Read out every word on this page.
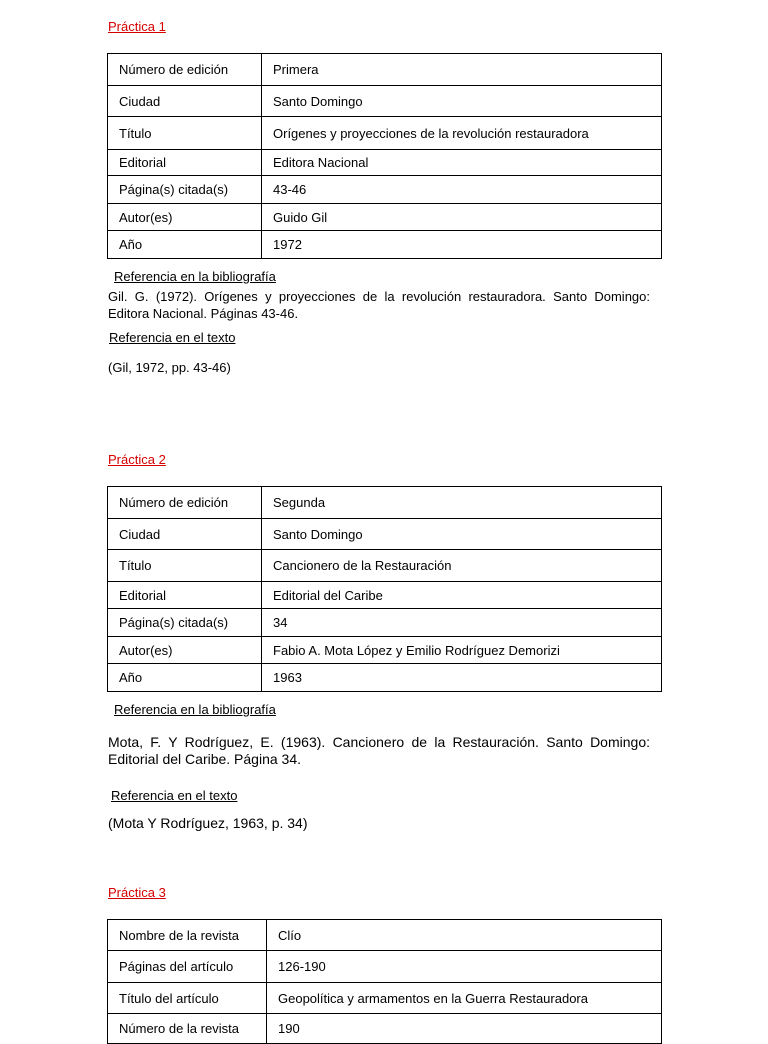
Práctica 1
Número de edición	Primera
Ciudad	Santo Domingo
Título	Orígenes y proyecciones de la revolución restauradora
Editorial	Editora Nacional
Página(s) citada(s)	43-46
Autor(es)	Guido Gil
Año	1972
Referencia en la bibliografía
Gil. G. (1972). Orígenes y proyecciones de la revolución restauradora. Santo Domingo: Editora Nacional. Páginas 43-46.
Referencia en el texto
(Gil, 1972, pp. 43-46)
Práctica 2
Número de edición	Segunda
Ciudad	Santo Domingo
Título	Cancionero de la Restauración
Editorial	Editorial del Caribe
Página(s) citada(s)	34
Autor(es)	Fabio A. Mota López y Emilio Rodríguez Demorizi
Año	1963
Referencia en la bibliografía
Mota, F. Y Rodríguez, E. (1963). Cancionero de la Restauración. Santo Domingo: Editorial del Caribe. Página 34.
Referencia en el texto
(Mota Y Rodríguez, 1963, p. 34)
Práctica 3
Nombre de la revista	Clío
Páginas del artículo	126-190
Título del artículo	Geopolítica y armamentos en la Guerra Restauradora
Número de la revista	190
